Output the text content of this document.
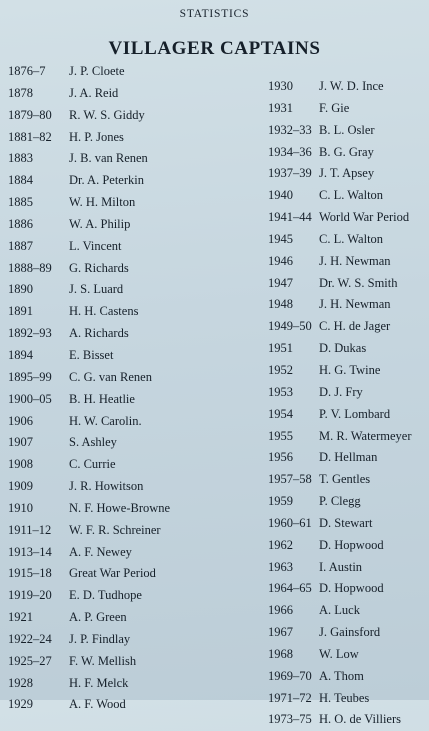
STATISTICS
VILLAGER CAPTAINS
1876–7	J. P. Cloete
1878	J. A. Reid
1879–80	R. W. S. Giddy
1881–82	H. P. Jones
1883	J. B. van Renen
1884	Dr. A. Peterkin
1885	W. H. Milton
1886	W. A. Philip
1887	L. Vincent
1888–89	G. Richards
1890	J. S. Luard
1891	H. H. Castens
1892–93	A. Richards
1894	E. Bisset
1895–99	C. G. van Renen
1900–05	B. H. Heatlie
1906	H. W. Carolin.
1907	S. Ashley
1908	C. Currie
1909	J. R. Howitson
1910	N. F. Howe-Browne
1911–12	W. F. R. Schreiner
1913–14	A. F. Newey
1915–18	Great War Period
1919–20	E. D. Tudhope
1921	A. P. Green
1922–24	J. P. Findlay
1925–27	F. W. Mellish
1928	H. F. Melck
1929	A. F. Wood
1930	J. W. D. Ince
1931	F. Gie
1932–33 B. L. Osler
1934–36 B. G. Gray
1937–39 J. T. Apsey
1940	C. L. Walton
1941–44 World War Period
1945	C. L. Walton
1946	J. H. Newman
1947	Dr. W. S. Smith
1948	J. H. Newman
1949–50 C. H. de Jager
1951	D. Dukas
1952	H. G. Twine
1953	D. J. Fry
1954	P. V. Lombard
1955	M. R. Watermeyer
1956	D. Hellman
1957–58 T. Gentles
1959	P. Clegg
1960–61 D. Stewart
1962	D. Hopwood
1963	I. Austin
1964–65 D. Hopwood
1966	A. Luck
1967	J. Gainsford
1968	W. Low
1969–70 A. Thom
1971–72 H. Teubes
1973–75 H. O. de Villiers
